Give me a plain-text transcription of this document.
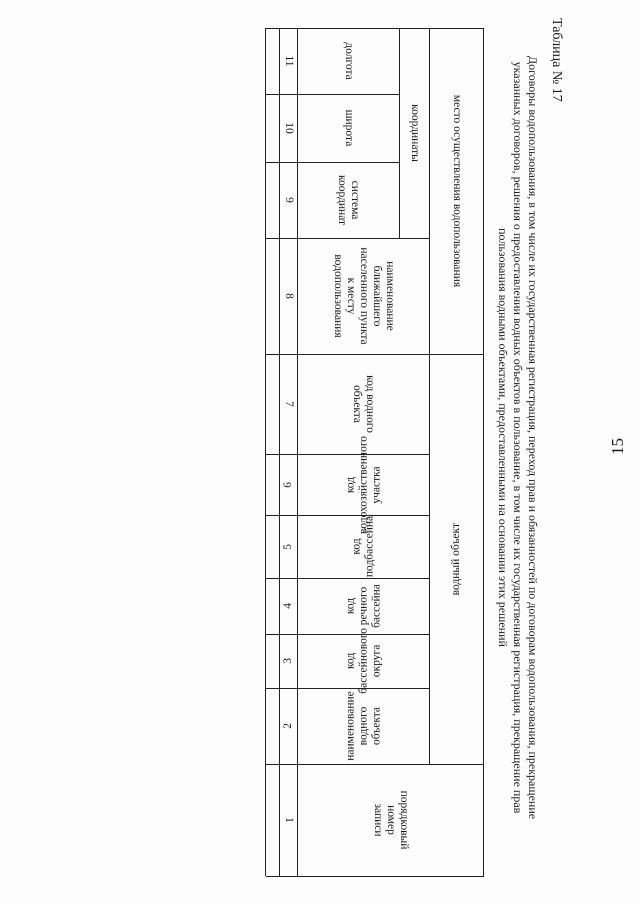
15
Таблица № 17
Договоры водопользования, в том числе их государственная регистрация, переход прав и обязанностей по договорам водопользования, прекращение указанных договоров, решения о предоставлении водных объектов в пользование, в том числе их государственная регистрация, прекращение прав пользования водными объектами, предоставленными на основании этих решений
водный объект
место осуществления водопользования
координаты
порядковый номер записи
наименование водного объекта
код бассейнового округа
код речного бассейна
код подбассейна
код водохозяйственного участка
код водного объекта
наименование ближайшего населенного пункта к месту водопользования
система координат
широта
долгота
1
2
3
4
5
6
7
8
9
10
11
